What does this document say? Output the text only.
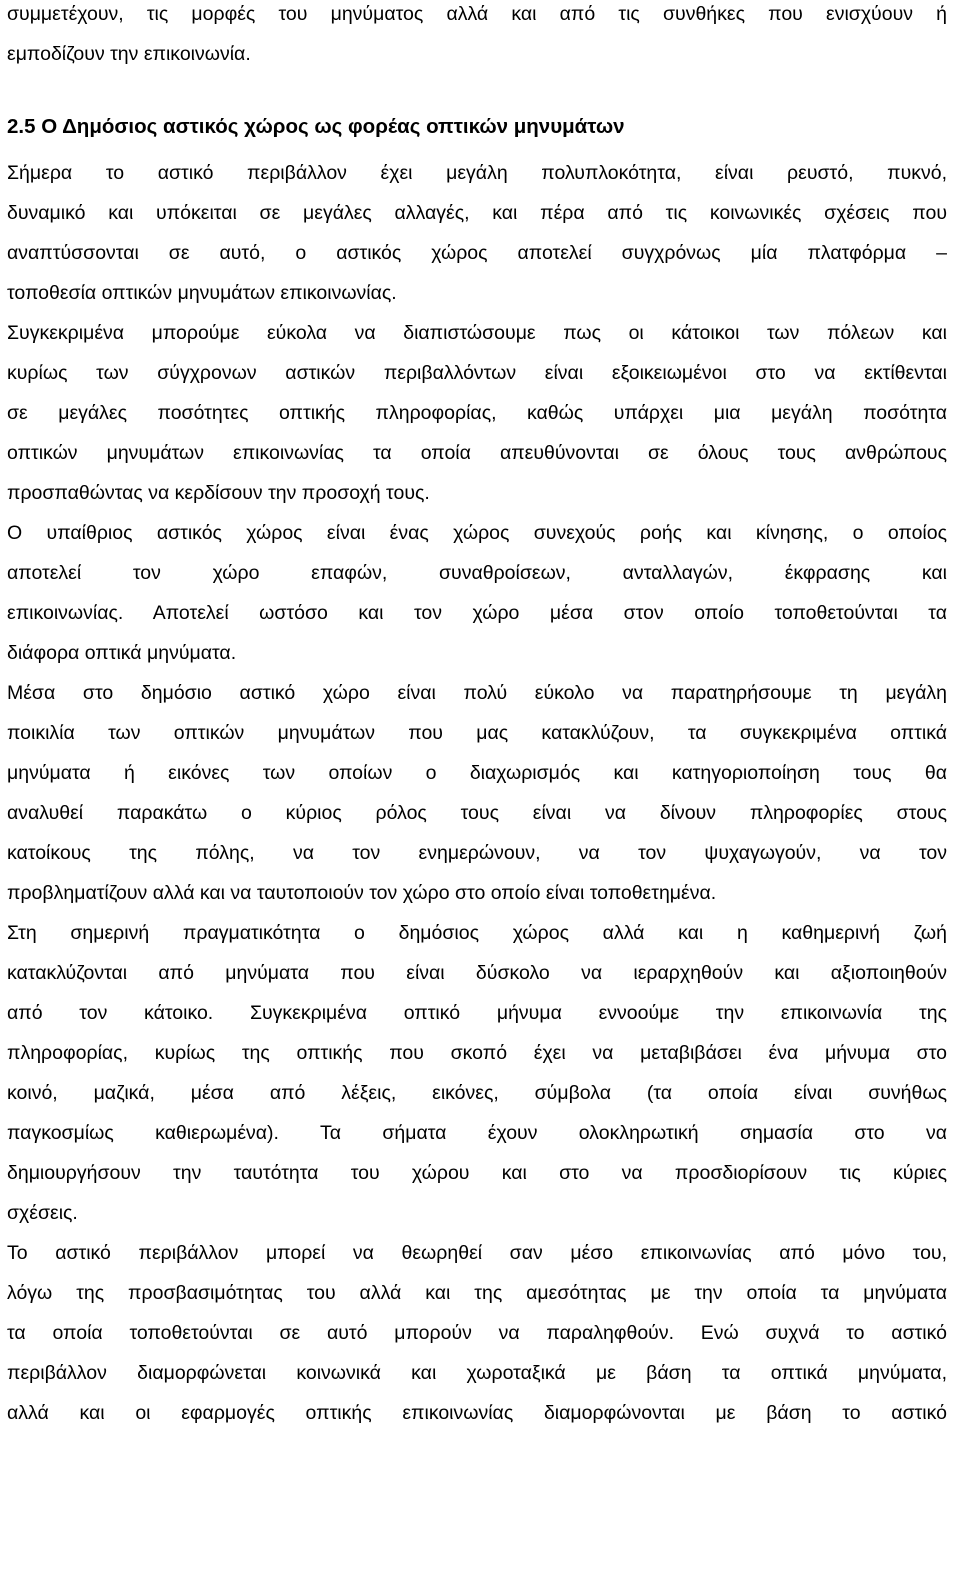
συμμετέχουν, τις μορφές του μηνύματος αλλά και από τις συνθήκες που ενισχύουν ή
εμποδίζουν την επικοινωνία.
2.5 Ο Δημόσιος αστικός χώρος ως φορέας οπτικών μηνυμάτων
Σήμερα το αστικό περιβάλλον έχει μεγάλη πολυπλοκότητα, είναι ρευστό, πυκνό,
δυναμικό και υπόκειται σε μεγάλες αλλαγές, και πέρα από τις κοινωνικές σχέσεις που
αναπτύσσονται σε αυτό, ο αστικός χώρος αποτελεί συγχρόνως μία πλατφόρμα –
τοποθεσία οπτικών μηνυμάτων επικοινωνίας.
Συγκεκριμένα μπορούμε εύκολα να διαπιστώσουμε πως οι κάτοικοι των πόλεων και
κυρίως των σύγχρονων αστικών περιβαλλόντων είναι εξοικειωμένοι στο να εκτίθενται
σε μεγάλες ποσότητες οπτικής πληροφορίας, καθώς υπάρχει μια μεγάλη ποσότητα
οπτικών μηνυμάτων επικοινωνίας τα οποία απευθύνονται σε όλους τους ανθρώπους
προσπαθώντας να κερδίσουν την προσοχή τους.
Ο υπαίθριος αστικός χώρος είναι ένας χώρος συνεχούς ροής και κίνησης, ο οποίος
αποτελεί τον χώρο επαφών, συναθροίσεων, ανταλλαγών, έκφρασης και
επικοινωνίας. Αποτελεί ωστόσο και τον χώρο μέσα στον οποίο τοποθετούνται τα
διάφορα οπτικά μηνύματα.
Μέσα στο δημόσιο αστικό χώρο είναι πολύ εύκολο να παρατηρήσουμε τη μεγάλη
ποικιλία των οπτικών μηνυμάτων που μας κατακλύζουν, τα συγκεκριμένα οπτικά
μηνύματα ή εικόνες των οποίων ο διαχωρισμός και κατηγοριοποίηση τους θα
αναλυθεί παρακάτω ο κύριος ρόλος τους είναι να δίνουν πληροφορίες στους
κατοίκους της πόλης, να τον ενημερώνουν, να τον ψυχαγωγούν, να τον
προβληματίζουν αλλά και να ταυτοποιούν τον χώρο στο οποίο είναι τοποθετημένα.
Στη σημερινή πραγματικότητα ο δημόσιος χώρος αλλά και η καθημερινή ζωή
κατακλύζονται από μηνύματα που είναι δύσκολο να ιεραρχηθούν και αξιοποιηθούν
από τον κάτοικο. Συγκεκριμένα οπτικό μήνυμα εννοούμε την επικοινωνία της
πληροφορίας, κυρίως της οπτικής που σκοπό έχει να μεταβιβάσει ένα μήνυμα στο
κοινό, μαζικά, μέσα από λέξεις, εικόνες, σύμβολα (τα οποία είναι συνήθως
παγκοσμίως καθιερωμένα). Τα σήματα έχουν ολοκληρωτική σημασία στο να
δημιουργήσουν την ταυτότητα του χώρου και στο να προσδιορίσουν τις κύριες
σχέσεις.
Το αστικό περιβάλλον μπορεί να θεωρηθεί σαν μέσο επικοινωνίας από μόνο του,
λόγω της προσβασιμότητας του αλλά και της αμεσότητας με την οποία τα μηνύματα
τα οποία τοποθετούνται σε αυτό μπορούν να παραληφθούν. Ενώ συχνά το αστικό
περιβάλλον διαμορφώνεται κοινωνικά και χωροταξικά με βάση τα οπτικά μηνύματα,
αλλά και οι εφαρμογές οπτικής επικοινωνίας διαμορφώνονται με βάση το αστικό
